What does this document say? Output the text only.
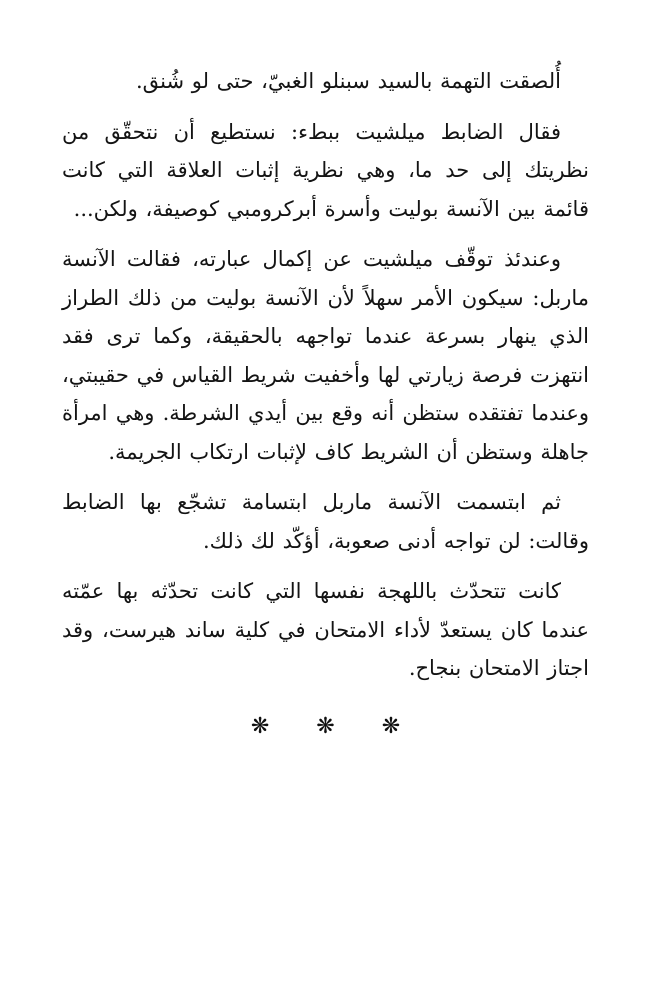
أُلصقت التهمة بالسيد سبنلو الغبيّ، حتى لو شُنق.

فقال الضابط ميلشيت ببطء: نستطيع أن نتحقّق من نظريتك إلى حد ما، وهي نظرية إثبات العلاقة التي كانت قائمة بين الآنسة بوليت وأسرة أبركرومبي كوصيفة، ولكن...

وعندئذ توقّف ميلشيت عن إكمال عبارته، فقالت الآنسة ماربل: سيكون الأمر سهلاً لأن الآنسة بوليت من ذلك الطراز الذي ينهار بسرعة عندما تواجهه بالحقيقة، وكما ترى فقد انتهزت فرصة زيارتي لها وأخفيت شريط القياس في حقيبتي، وعندما تفتقده ستظن أنه وقع بين أيدي الشرطة. وهي امرأة جاهلة وستظن أن الشريط كاف لإثبات ارتكاب الجريمة.

ثم ابتسمت الآنسة ماربل ابتسامة تشجّع بها الضابط وقالت: لن تواجه أدنى صعوبة، أؤكّد لك ذلك.

كانت تتحدّث باللهجة نفسها التي كانت تحدّثه بها عمّته عندما كان يستعدّ لأداء الامتحان في كلية ساند هيرست، وقد اجتاز الامتحان بنجاح.

❋ ❋ ❋
